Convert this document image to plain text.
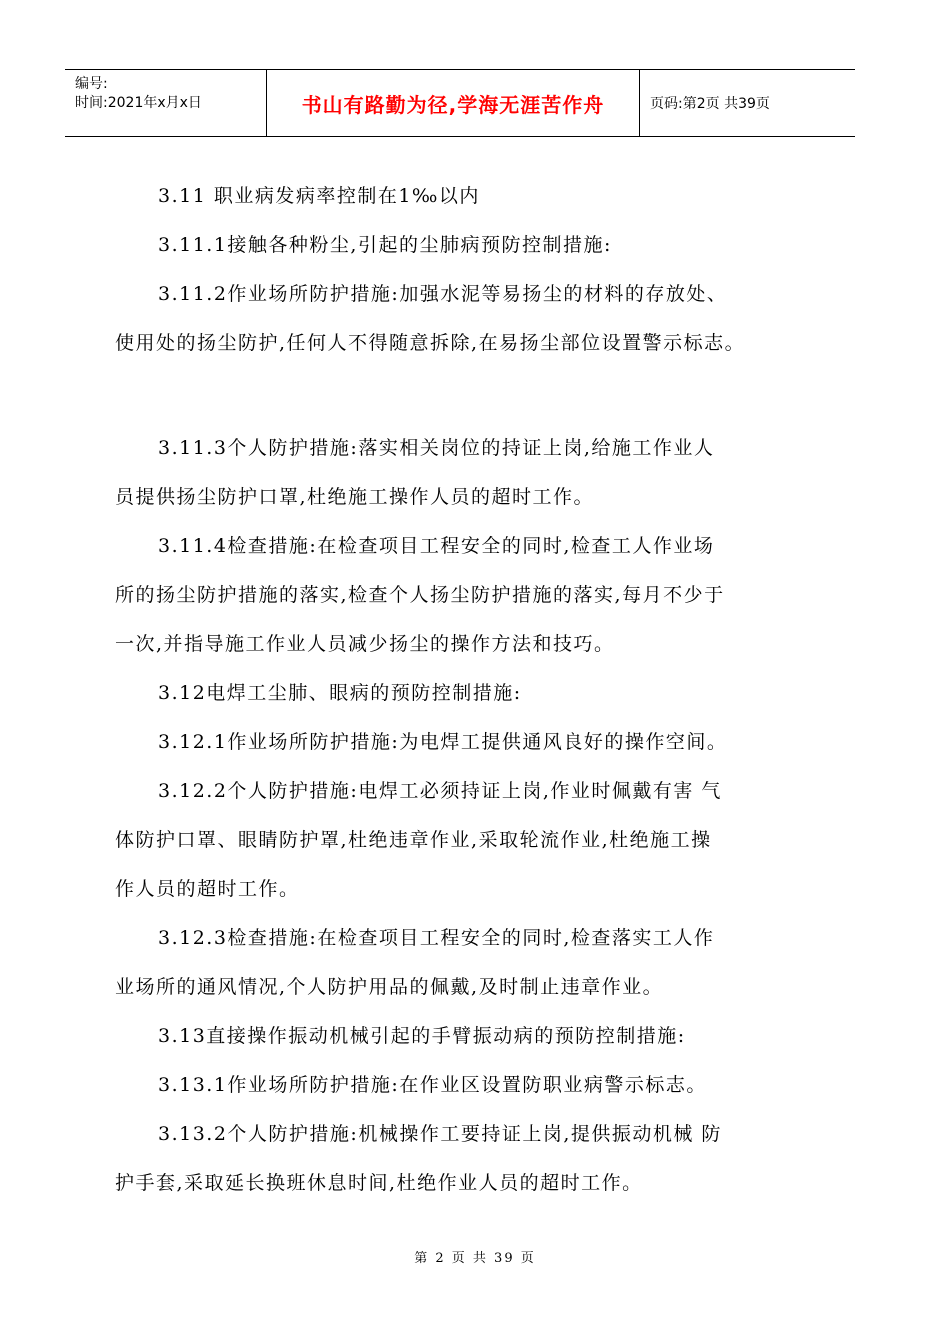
编号:
时间:2021年x月x日	书山有路勤为径,学海无涯苦作舟	页码:第2页 共39页
3.11 职业病发病率控制在1‰以内
3.11.1接触各种粉尘,引起的尘肺病预防控制措施:
3.11.2作业场所防护措施:加强水泥等易扬尘的材料的存放处、
使用处的扬尘防护,任何人不得随意拆除,在易扬尘部位设置警示标志。
3.11.3个人防护措施:落实相关岗位的持证上岗,给施工作业人
员提供扬尘防护口罩,杜绝施工操作人员的超时工作。
3.11.4检查措施:在检查项目工程安全的同时,检查工人作业场
所的扬尘防护措施的落实,检查个人扬尘防护措施的落实,每月不少于
一次,并指导施工作业人员减少扬尘的操作方法和技巧。
3.12电焊工尘肺、眼病的预防控制措施:
3.12.1作业场所防护措施:为电焊工提供通风良好的操作空间。
3.12.2个人防护措施:电焊工必须持证上岗,作业时佩戴有害 气
体防护口罩、眼睛防护罩,杜绝违章作业,采取轮流作业,杜绝施工操
作人员的超时工作。
3.12.3检查措施:在检查项目工程安全的同时,检查落实工人作
业场所的通风情况,个人防护用品的佩戴,及时制止违章作业。
3.13直接操作振动机械引起的手臂振动病的预防控制措施:
3.13.1作业场所防护措施:在作业区设置防职业病警示标志。
3.13.2个人防护措施:机械操作工要持证上岗,提供振动机械 防
护手套,采取延长换班休息时间,杜绝作业人员的超时工作。
第 2 页 共 39 页
